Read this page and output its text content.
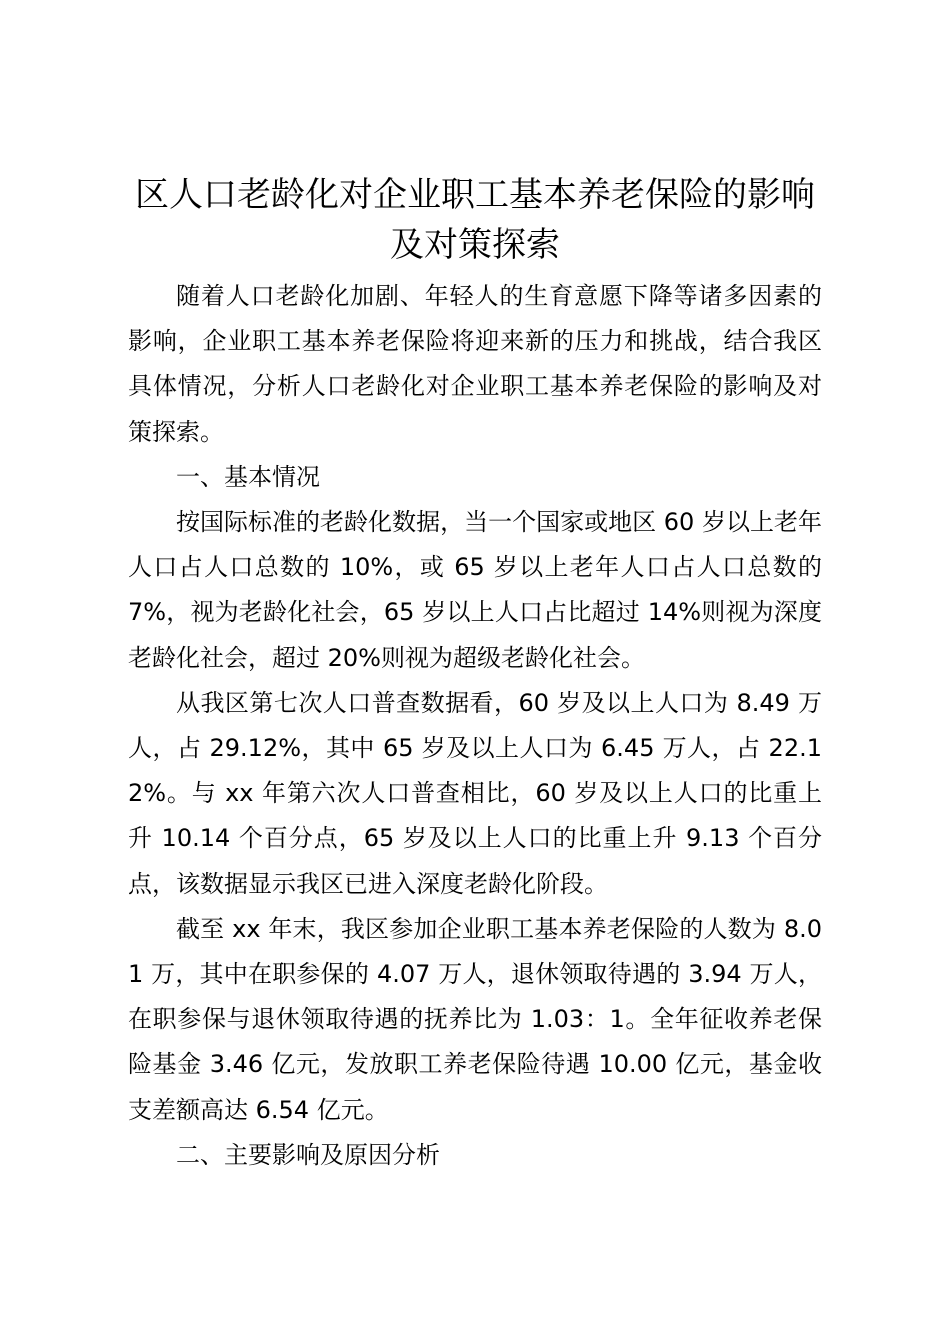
区人口老龄化对企业职工基本养老保险的影响
及对策探索

随着人口老龄化加剧、年轻人的生育意愿下降等诸多因素的影响，企业职工基本养老保险将迎来新的压力和挑战，结合我区具体情况，分析人口老龄化对企业职工基本养老保险的影响及对策探索。

一、基本情况

按国际标准的老龄化数据，当一个国家或地区 60 岁以上老年人口占人口总数的 10%，或 65 岁以上老年人口占人口总数的 7%，视为老龄化社会，65 岁以上人口占比超过 14%则视为深度老龄化社会，超过 20%则视为超级老龄化社会。

从我区第七次人口普查数据看，60 岁及以上人口为 8.49 万人，占 29.12%，其中 65 岁及以上人口为 6.45 万人，占 22.12%。与 xx 年第六次人口普查相比，60 岁及以上人口的比重上升 10.14 个百分点，65 岁及以上人口的比重上升 9.13 个百分点，该数据显示我区已进入深度老龄化阶段。

截至 xx 年末，我区参加企业职工基本养老保险的人数为 8.01 万，其中在职参保的 4.07 万人，退休领取待遇的 3.94 万人，在职参保与退休领取待遇的抚养比为 1.03：1。全年征收养老保险基金 3.46 亿元，发放职工养老保险待遇 10.00 亿元，基金收支差额高达 6.54 亿元。

二、主要影响及原因分析
